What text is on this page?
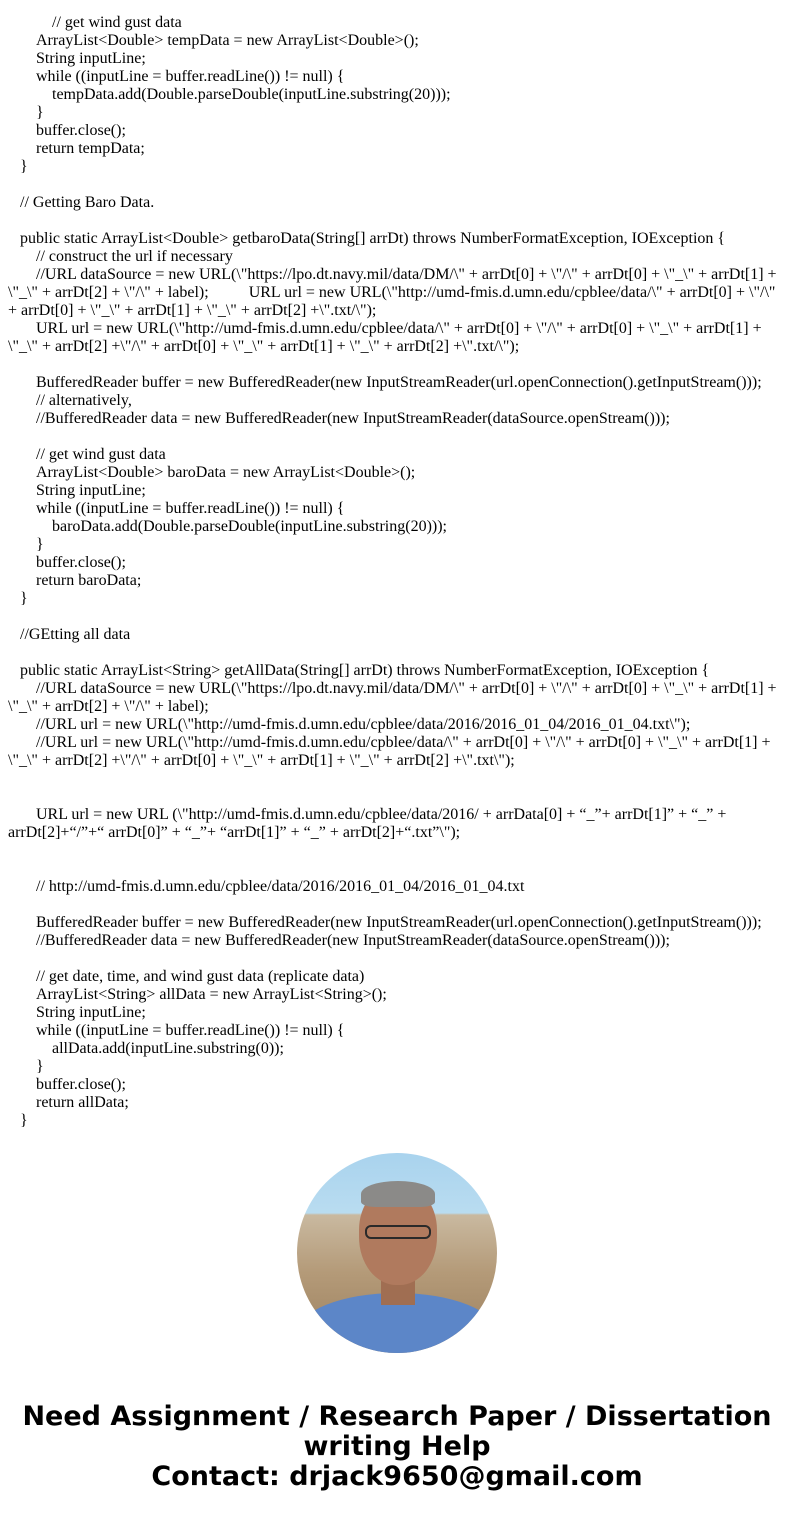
// get wind gust data
ArrayList<Double> tempData = new ArrayList<Double>();
String inputLine;
while ((inputLine = buffer.readLine()) != null) {
tempData.add(Double.parseDouble(inputLine.substring(20)));
}
buffer.close();
return tempData;
}
// Getting Baro Data.
public static ArrayList<Double> getbaroData(String[] arrDt) throws NumberFormatException, IOException {
// construct the url if necessary
//URL dataSource = new URL(\"https://lpo.dt.navy.mil/data/DM/\" + arrDt[0] + \"/\" + arrDt[0] + \"_\" + arrDt[1] +
\"_\" + arrDt[2] + \"/\" + label);          URL url = new URL(\"http://umd-fmis.d.umn.edu/cpblee/data/\" + arrDt[0] + \"/\"
+ arrDt[0] + \"_\" + arrDt[1] + \"_\" + arrDt[2] +\".txt/\");
URL url = new URL(\"http://umd-fmis.d.umn.edu/cpblee/data/\" + arrDt[0] + \"/\" + arrDt[0] + \"_\" + arrDt[1] +
\"_\" + arrDt[2] +\"/\" + arrDt[0] + \"_\" + arrDt[1] + \"_\" + arrDt[2] +\".txt/\");
BufferedReader buffer = new BufferedReader(new InputStreamReader(url.openConnection().getInputStream()));
// alternatively,
//BufferedReader data = new BufferedReader(new InputStreamReader(dataSource.openStream()));
// get wind gust data
ArrayList<Double> baroData = new ArrayList<Double>();
String inputLine;
while ((inputLine = buffer.readLine()) != null) {
baroData.add(Double.parseDouble(inputLine.substring(20)));
}
buffer.close();
return baroData;
}
//GEtting all data
public static ArrayList<String> getAllData(String[] arrDt) throws NumberFormatException, IOException {
//URL dataSource = new URL(\"https://lpo.dt.navy.mil/data/DM/\" + arrDt[0] + \"/\" + arrDt[0] + \"_\" + arrDt[1] +
\"_\" + arrDt[2] + \"/\" + label);
//URL url = new URL(\"http://umd-fmis.d.umn.edu/cpblee/data/2016/2016_01_04/2016_01_04.txt\");
//URL url = new URL(\"http://umd-fmis.d.umn.edu/cpblee/data/\" + arrDt[0] + \"/\" + arrDt[0] + \"_\" + arrDt[1] +
\"_\" + arrDt[2] +\"/\" + arrDt[0] + \"_\" + arrDt[1] + \"_\" + arrDt[2] +\".txt\");
URL url = new URL (\"http://umd-fmis.d.umn.edu/cpblee/data/2016/ + arrData[0] + “_”+ arrDt[1]” + “_” +
arrDt[2]+“/”+“ arrDt[0]” + “_”+ “arrDt[1]” + “_” + arrDt[2]+“.txt”\");
// http://umd-fmis.d.umn.edu/cpblee/data/2016/2016_01_04/2016_01_04.txt
BufferedReader buffer = new BufferedReader(new InputStreamReader(url.openConnection().getInputStream()));
//BufferedReader data = new BufferedReader(new InputStreamReader(dataSource.openStream()));
// get date, time, and wind gust data (replicate data)
ArrayList<String> allData = new ArrayList<String>();
String inputLine;
while ((inputLine = buffer.readLine()) != null) {
allData.add(inputLine.substring(0));
}
buffer.close();
return allData;
}
Need Assignment / Research Paper / Dissertation
writing Help
Contact: drjack9650@gmail.com
